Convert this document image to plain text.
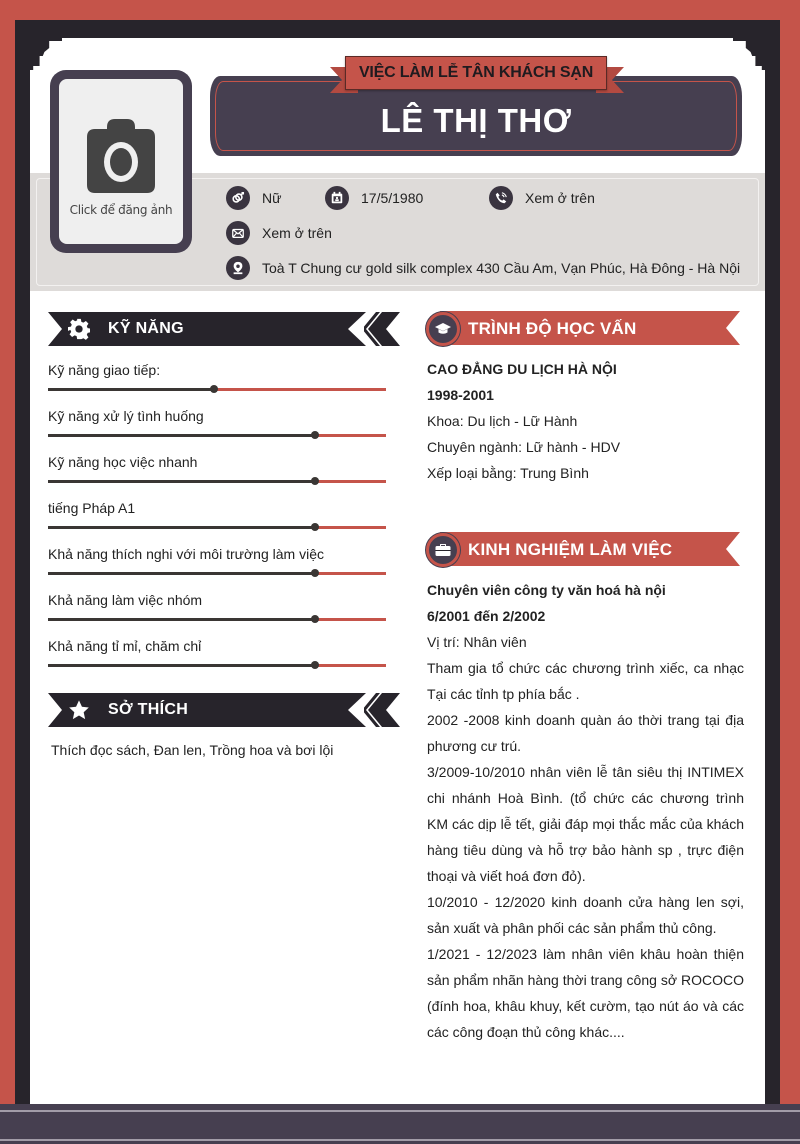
Click để đăng ảnh
LÊ THỊ THƠ
VIỆC LÀM LỄ TÂN KHÁCH SẠN
Nữ	17/5/1980	Xem ở trên
Xem ở trên
Toà T Chung cư gold silk complex 430 Cầu Am, Vạn Phúc, Hà Đông - Hà Nội
KỸ NĂNG
Kỹ năng giao tiếp:
Kỹ năng xử lý tình huống
Kỹ năng học việc nhanh
tiếng Pháp A1
Khả năng thích nghi với môi trường làm việc
Khả năng làm việc nhóm
Khả năng tỉ mỉ, chăm chỉ
SỞ THÍCH
Thích đọc sách, Đan len, Trồng hoa và bơi lội
TRÌNH ĐỘ HỌC VẤN

CAO ĐẲNG DU LỊCH HÀ NỘI

1998-2001

Khoa: Du lịch - Lữ Hành

Chuyên ngành: Lữ hành - HDV

Xếp loại bằng: Trung Bình

KINH NGHIỆM LÀM VIỆC

Chuyên viên công ty văn hoá hà nội

6/2001 đến 2/2002

Vị trí: Nhân viên

Tham gia tổ chức các chương trình xiếc, ca nhạc Tại các tỉnh tp phía bắc .

2002 -2008 kinh doanh quàn áo thời trang tại địa phương cư trú.

3/2009-10/2010 nhân viên lễ tân siêu thị INTIMEX chi nhánh Hoà Bình. (tổ chức các chương trình KM các dịp lễ tết, giải đáp mọi thắc mắc của khách hàng tiêu dùng và hỗ trợ bảo hành sp , trực điện thoại và viết hoá đơn đỏ).

10/2010 - 12/2020 kinh doanh cửa hàng len sợi, sản xuất và phân phối các sản phẩm thủ công.

1/2021 - 12/2023 làm nhân viên khâu hoàn thiện sản phẩm nhãn hàng thời trang công sở ROCOCO (đính hoa, khâu khuy, kết cườm, tạo nút áo và các các công đoạn thủ công khác....
